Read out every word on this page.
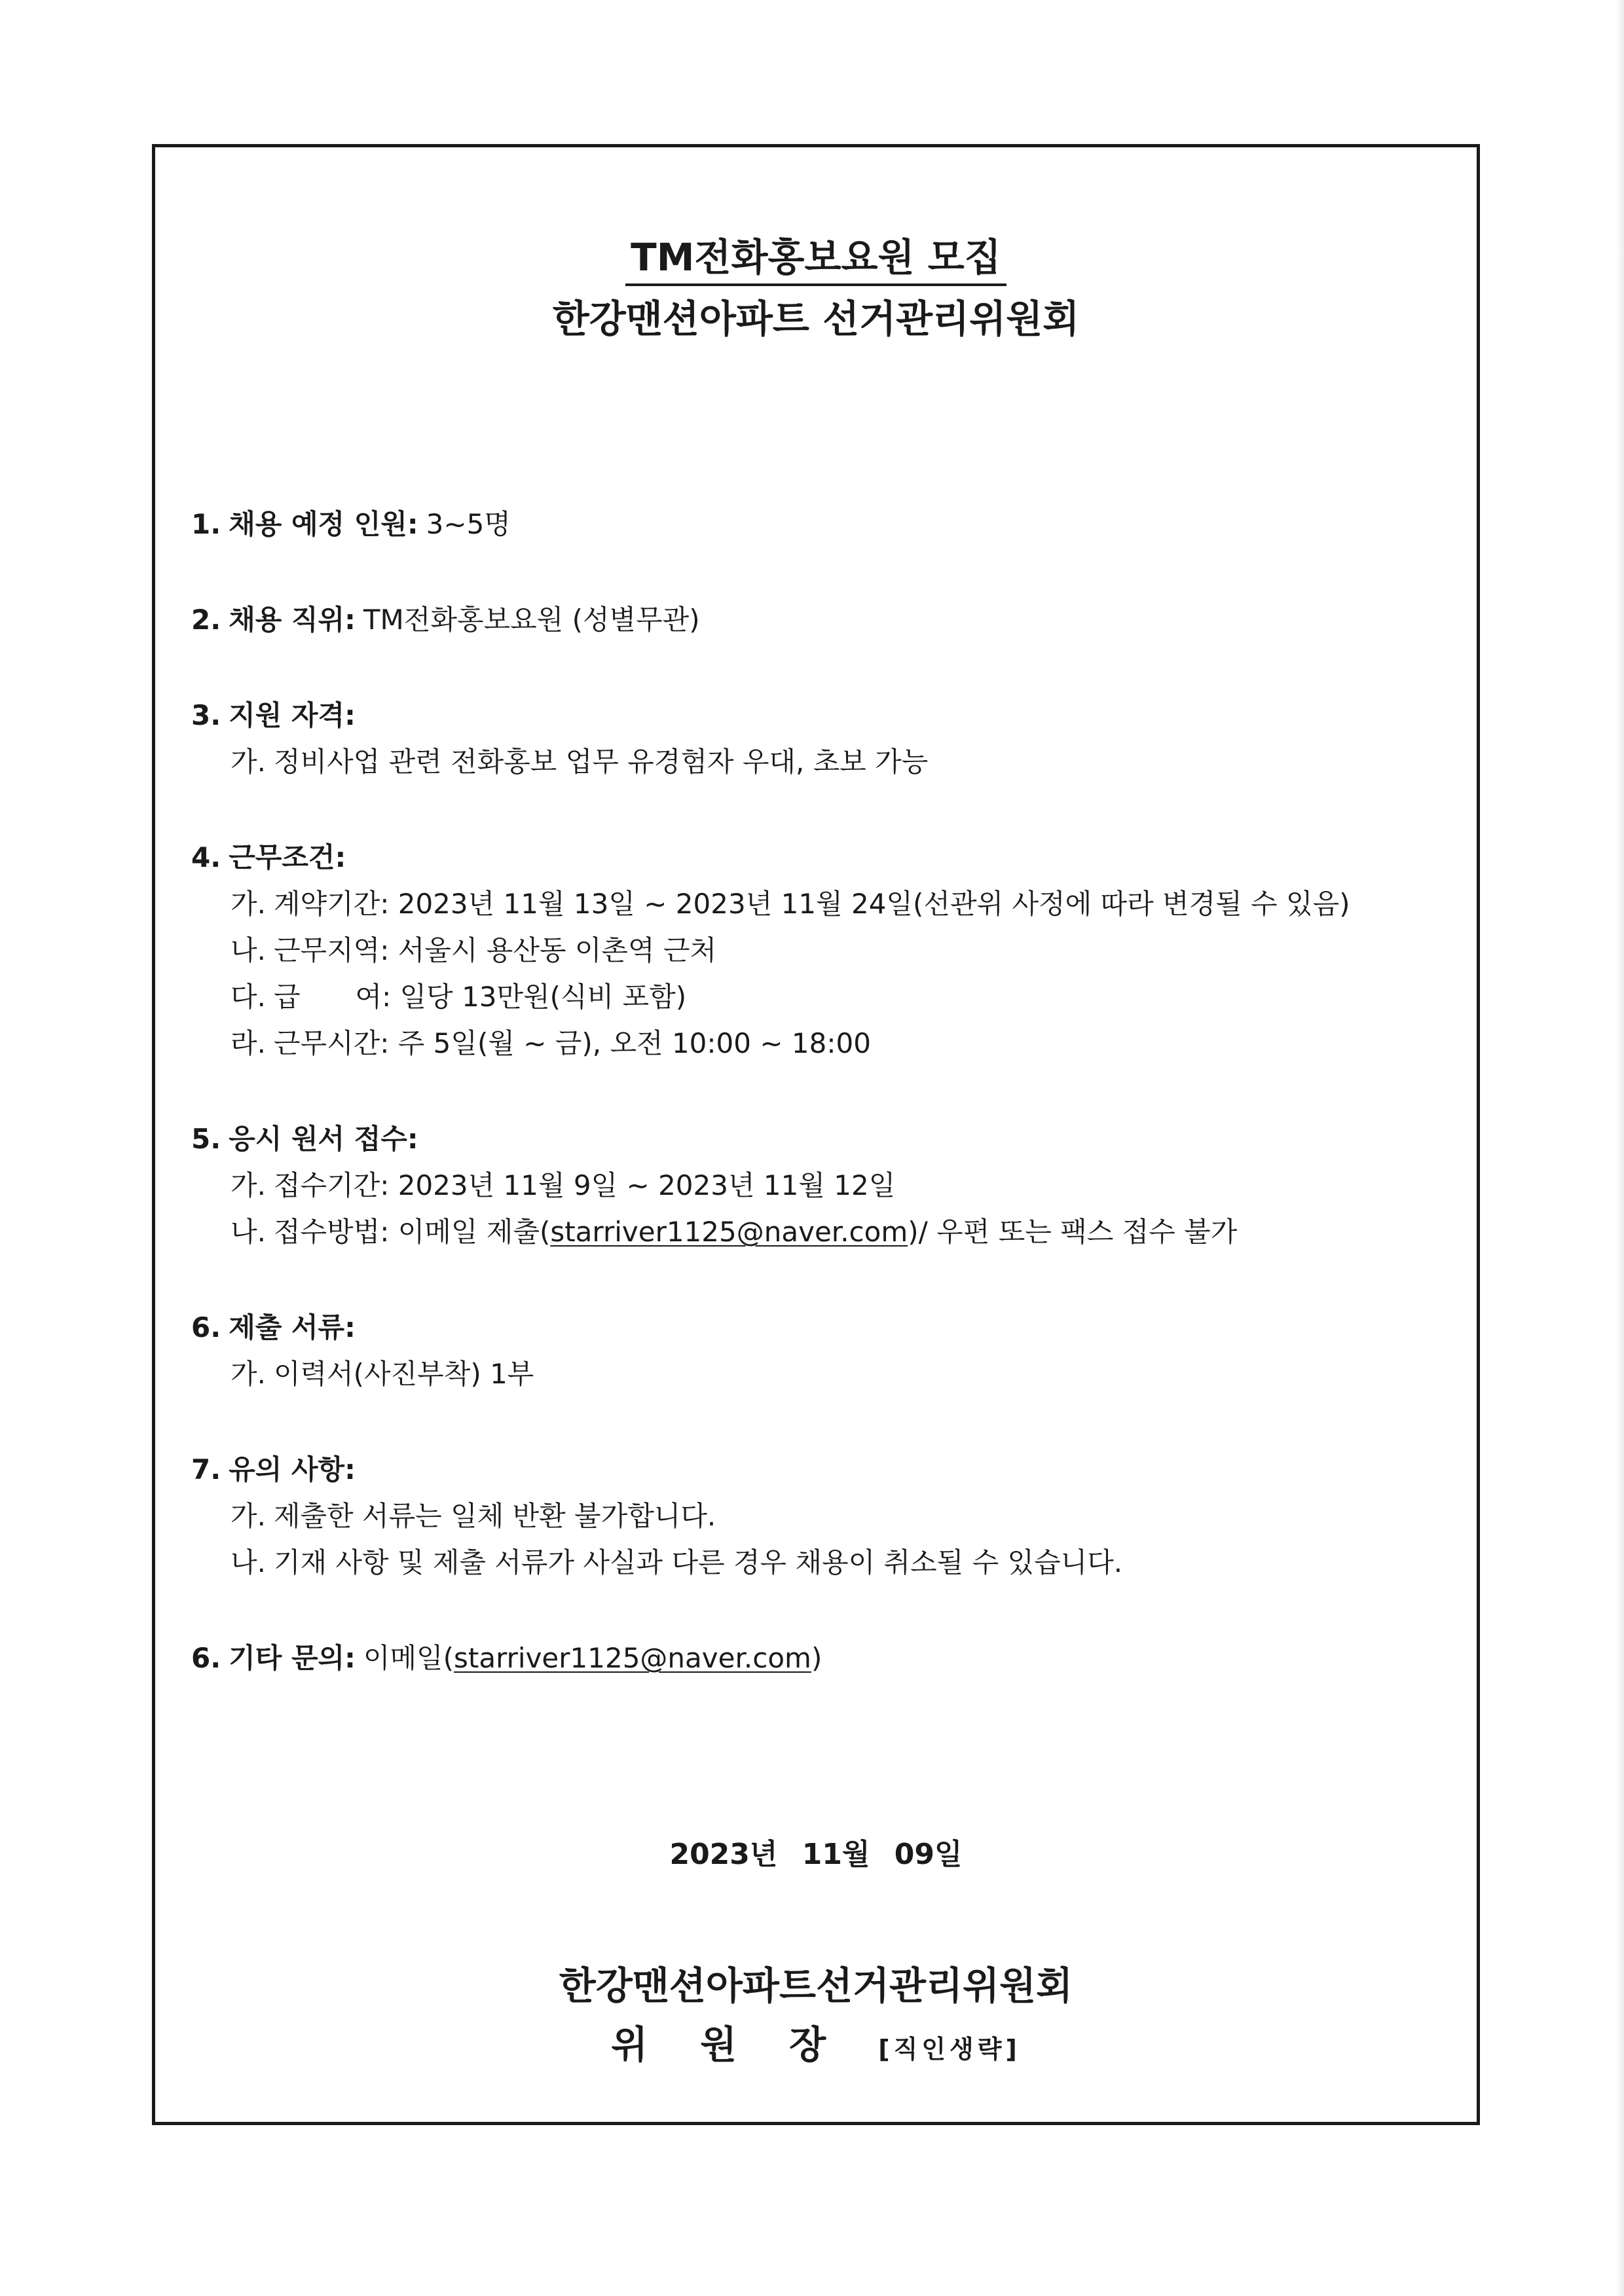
TM전화홍보요원 모집
한강맨션아파트 선거관리위원회
1. 채용 예정 인원: 3~5명
2. 채용 직위: TM전화홍보요원 (성별무관)
3. 지원 자격:
가. 정비사업 관련 전화홍보 업무 유경험자 우대, 초보 가능
4. 근무조건:
가. 계약기간: 2023년 11월 13일 ~ 2023년 11월 24일(선관위 사정에 따라 변경될 수 있음)
나. 근무지역: 서울시 용산동 이촌역 근처
다. 급　　여: 일당 13만원(식비 포함)
라. 근무시간: 주 5일(월 ~ 금), 오전 10:00 ~ 18:00
5. 응시 원서 접수:
가. 접수기간: 2023년 11월 9일 ~ 2023년 11월 12일
나. 접수방법: 이메일 제출(starriver1125@naver.com)/ 우편 또는 팩스 접수 불가
6. 제출 서류:
가. 이력서(사진부착) 1부
7. 유의 사항:
가. 제출한 서류는 일체 반환 불가합니다.
나. 기재 사항 및 제출 서류가 사실과 다른 경우 채용이 취소될 수 있습니다.
6. 기타 문의: 이메일(starriver1125@naver.com)
2023년 11월 09일
한강맨션아파트선거관리위원회
위원장[직인생략]
